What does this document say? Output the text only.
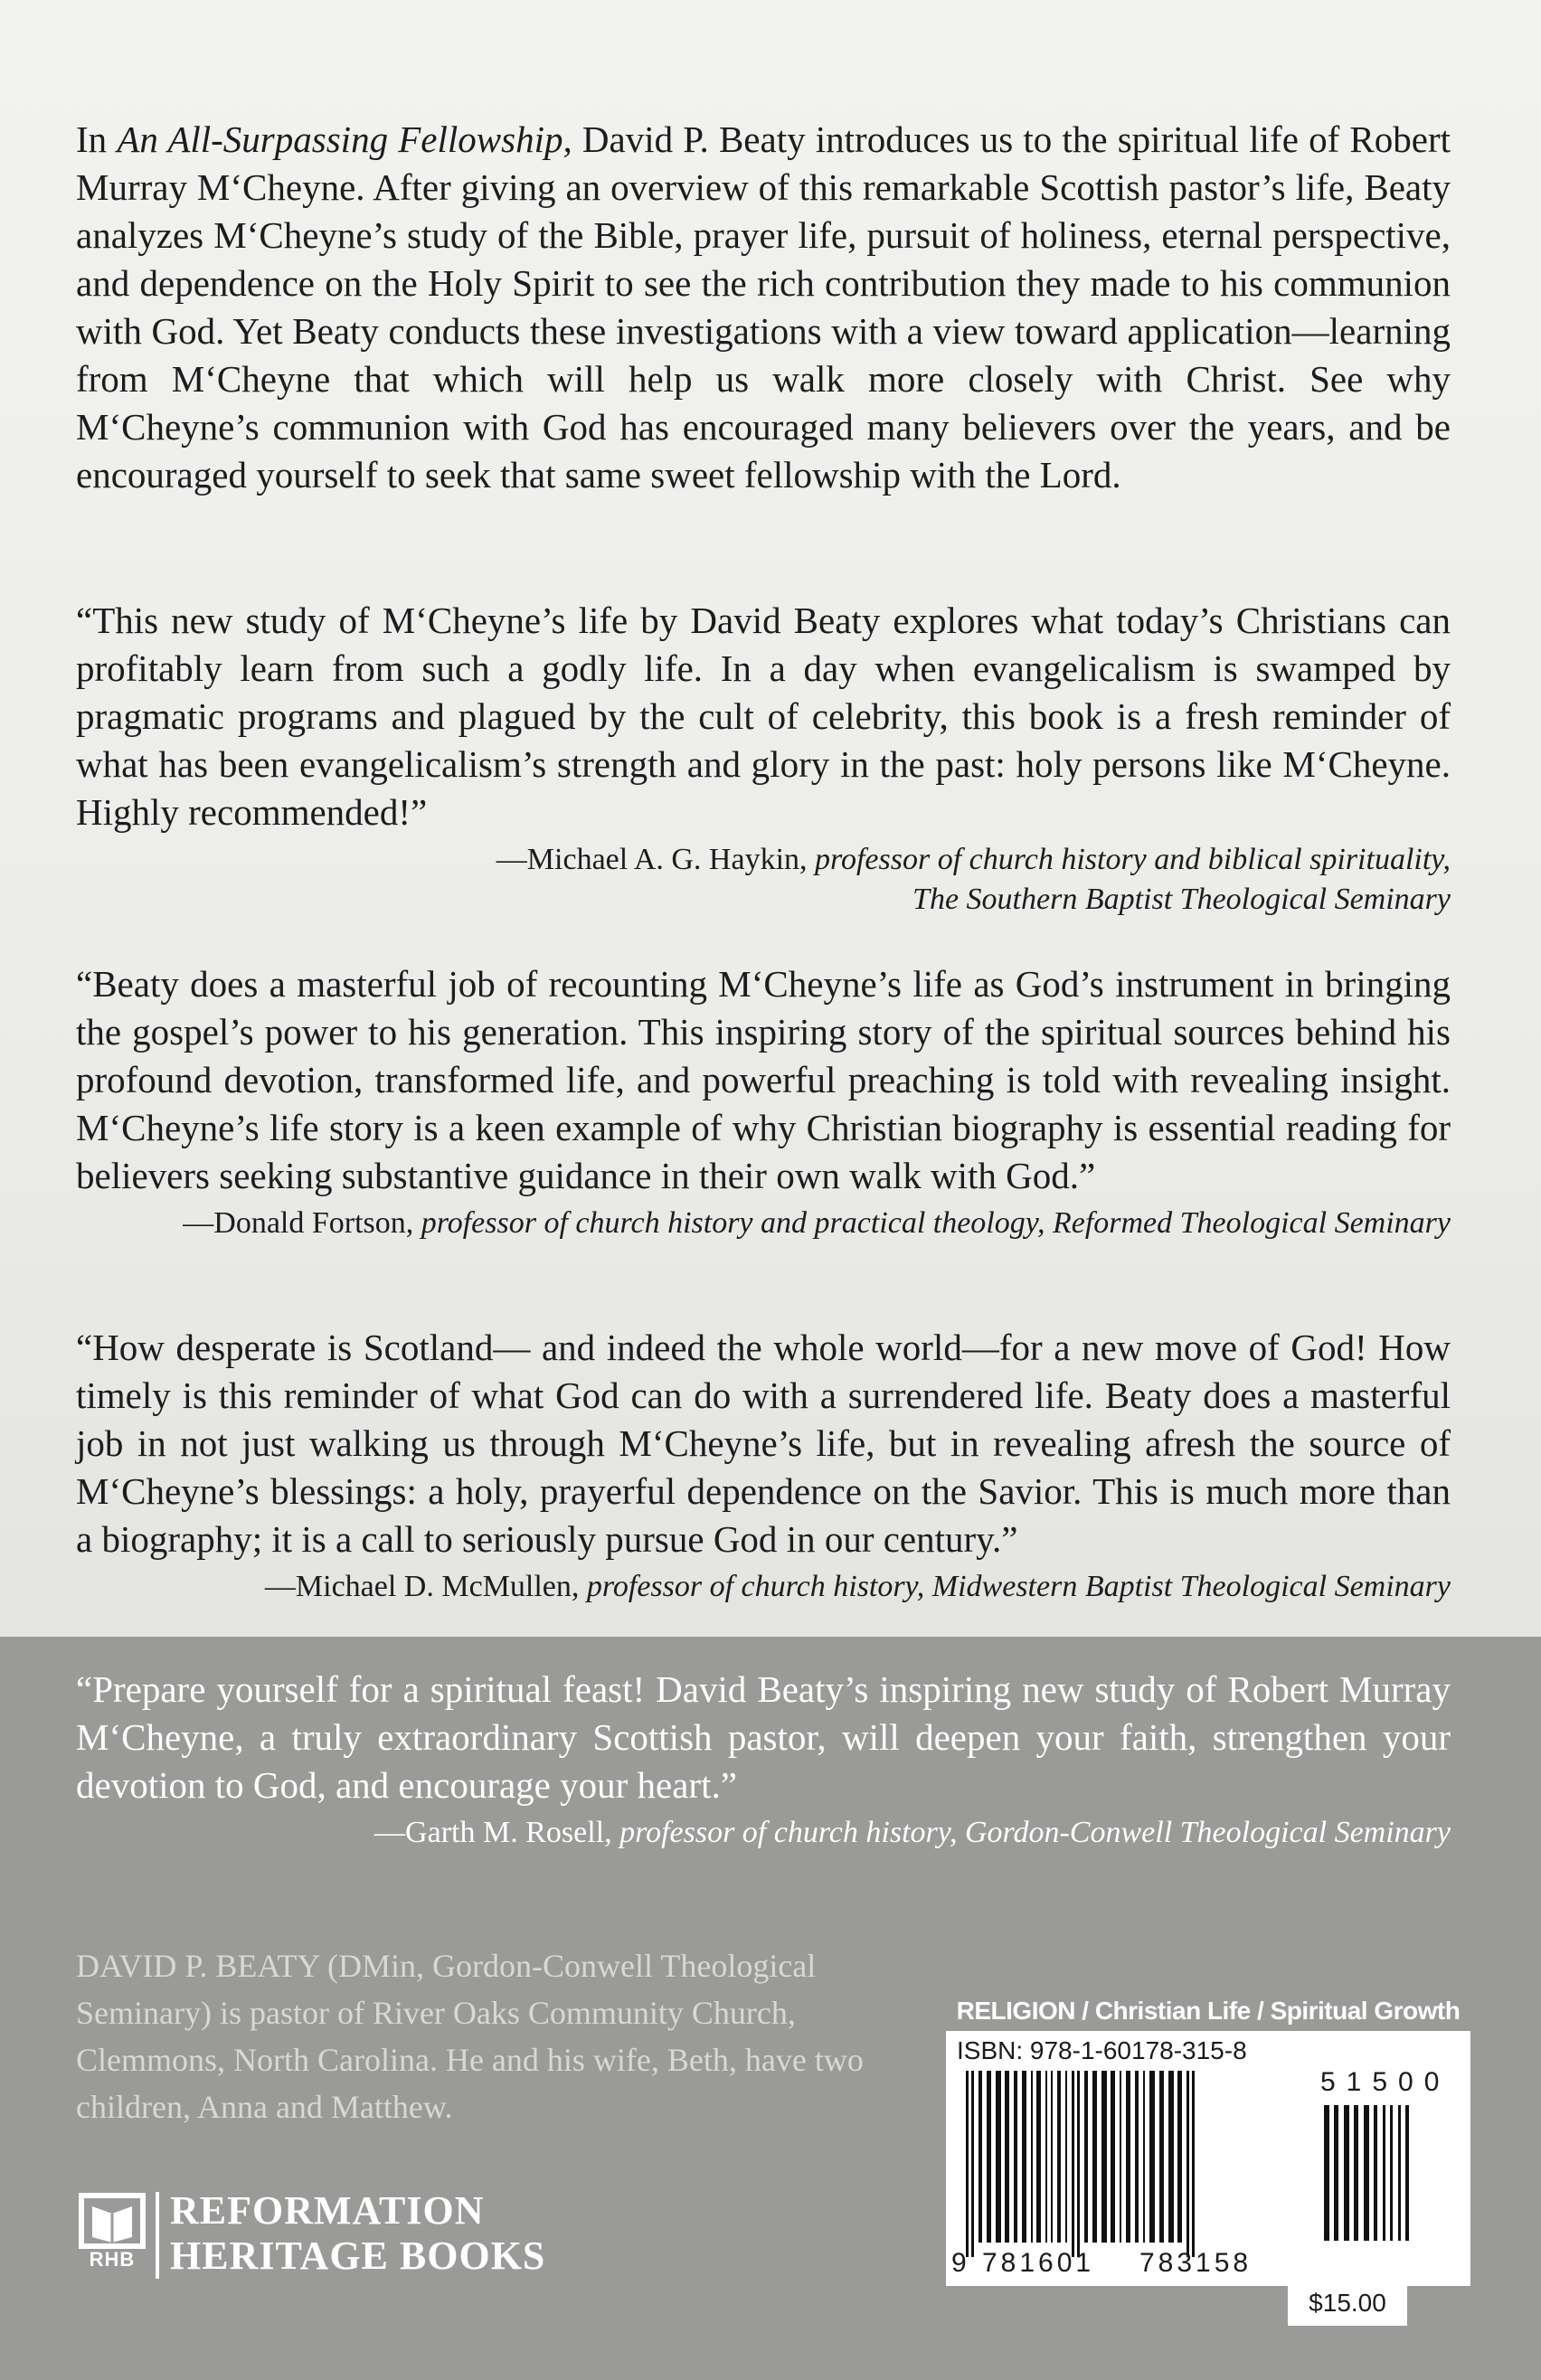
In An All-Surpassing Fellowship, David P. Beaty introduces us to the spiritual life of Robert Murray M‘Cheyne. After giving an overview of this remarkable Scottish pastor’s life, Beaty analyzes M‘Cheyne’s study of the Bible, prayer life, pursuit of holiness, eternal perspective, and dependence on the Holy Spirit to see the rich contribution they made to his communion with God. Yet Beaty conducts these investigations with a view toward application—learning from M‘Cheyne that which will help us walk more closely with Christ. See why M‘Cheyne’s communion with God has encouraged many believers over the years, and be encouraged yourself to seek that same sweet fellowship with the Lord.

“This new study of M‘Cheyne’s life by David Beaty explores what today’s Christians can profitably learn from such a godly life. In a day when evangelicalism is swamped by pragmatic programs and plagued by the cult of celebrity, this book is a fresh reminder of what has been evangelicalism’s strength and glory in the past: holy persons like M‘Cheyne. Highly recommended!”

—Michael A. G. Haykin, professor of church history and biblical spirituality,
The Southern Baptist Theological Seminary

“Beaty does a masterful job of recounting M‘Cheyne’s life as God’s instrument in bringing the gospel’s power to his generation. This inspiring story of the spiritual sources behind his profound devotion, transformed life, and powerful preaching is told with revealing insight. M‘Cheyne’s life story is a keen example of why Christian biography is essential reading for believers seeking substantive guidance in their own walk with God.”

—Donald Fortson, professor of church history and practical theology, Reformed Theological Seminary

“How desperate is Scotland— and indeed the whole world—for a new move of God! How timely is this reminder of what God can do with a surrendered life. Beaty does a masterful job in not just walking us through M‘Cheyne’s life, but in revealing afresh the source of M‘Cheyne’s blessings: a holy, prayerful dependence on the Savior. This is much more than a biography; it is a call to seriously pursue God in our century.”

—Michael D. McMullen, professor of church history, Midwestern Baptist Theological Seminary

“Prepare yourself for a spiritual feast! David Beaty’s inspiring new study of Robert Murray M‘Cheyne, a truly extraordinary Scottish pastor, will deepen your faith, strengthen your devotion to God, and encourage your heart.”

—Garth M. Rosell, professor of church history, Gordon-Conwell Theological Seminary

DAVID P. BEATY (DMin, Gordon-Conwell Theological Seminary) is pastor of River Oaks Community Church, Clemmons, North Carolina. He and his wife, Beth, have two children, Anna and Matthew.

RHB
REFORMATION
HERITAGE BOOKS
RELIGION / Christian Life / Spiritual Growth
ISBN: 978-1-60178-315-8
51500
9 781601 783158
$15.00
